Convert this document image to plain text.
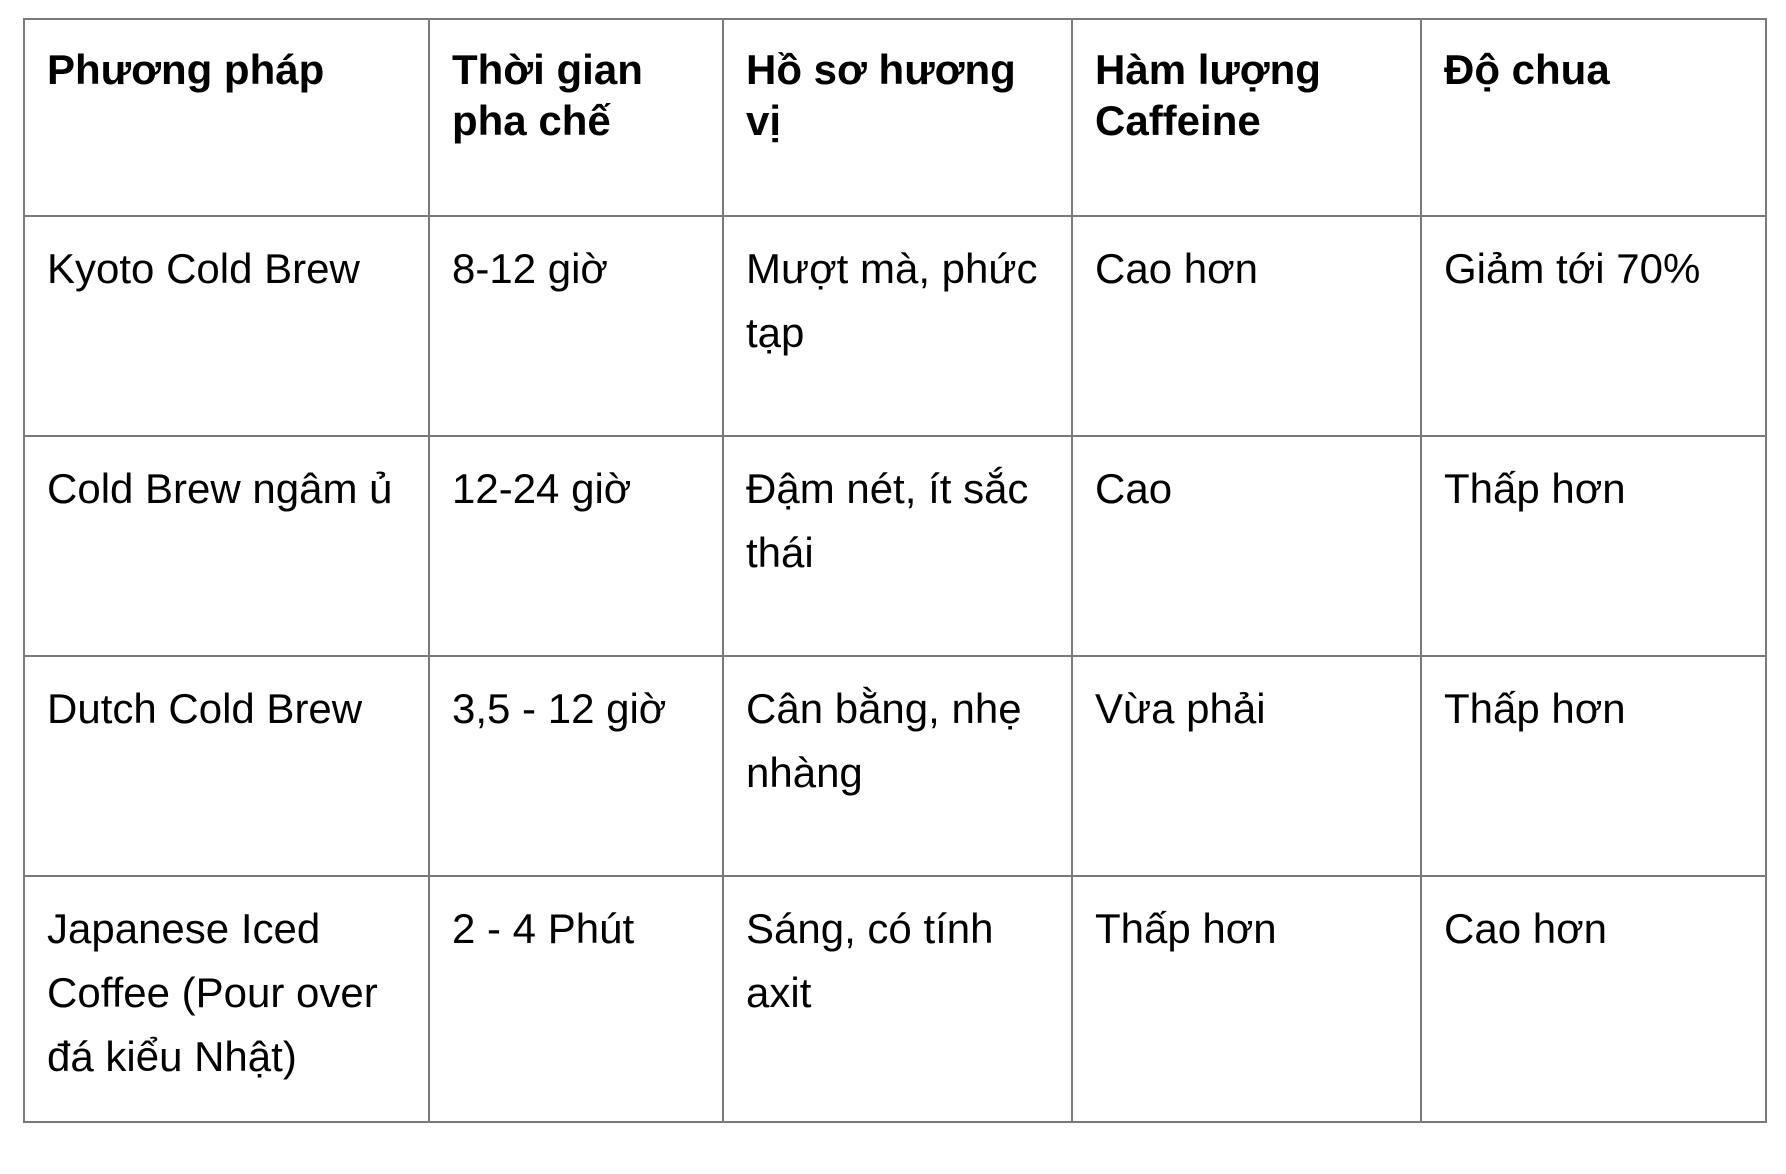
Phương pháp	Thời gian pha chế	Hồ sơ hương vị	Hàm lượng Caffeine	Độ chua

Kyoto Cold Brew	8-12 giờ	Mượt mà, phức tạp	Cao hơn	Giảm tới 70%

Cold Brew ngâm ủ	12-24 giờ	Đậm nét, ít sắc thái	Cao	Thấp hơn

Dutch Cold Brew	3,5 - 12 giờ	Cân bằng, nhẹ nhàng	Vừa phải	Thấp hơn

Japanese Iced Coffee (Pour over đá kiểu Nhật)	2 - 4 Phút	Sáng, có tính axit	Thấp hơn	Cao hơn
